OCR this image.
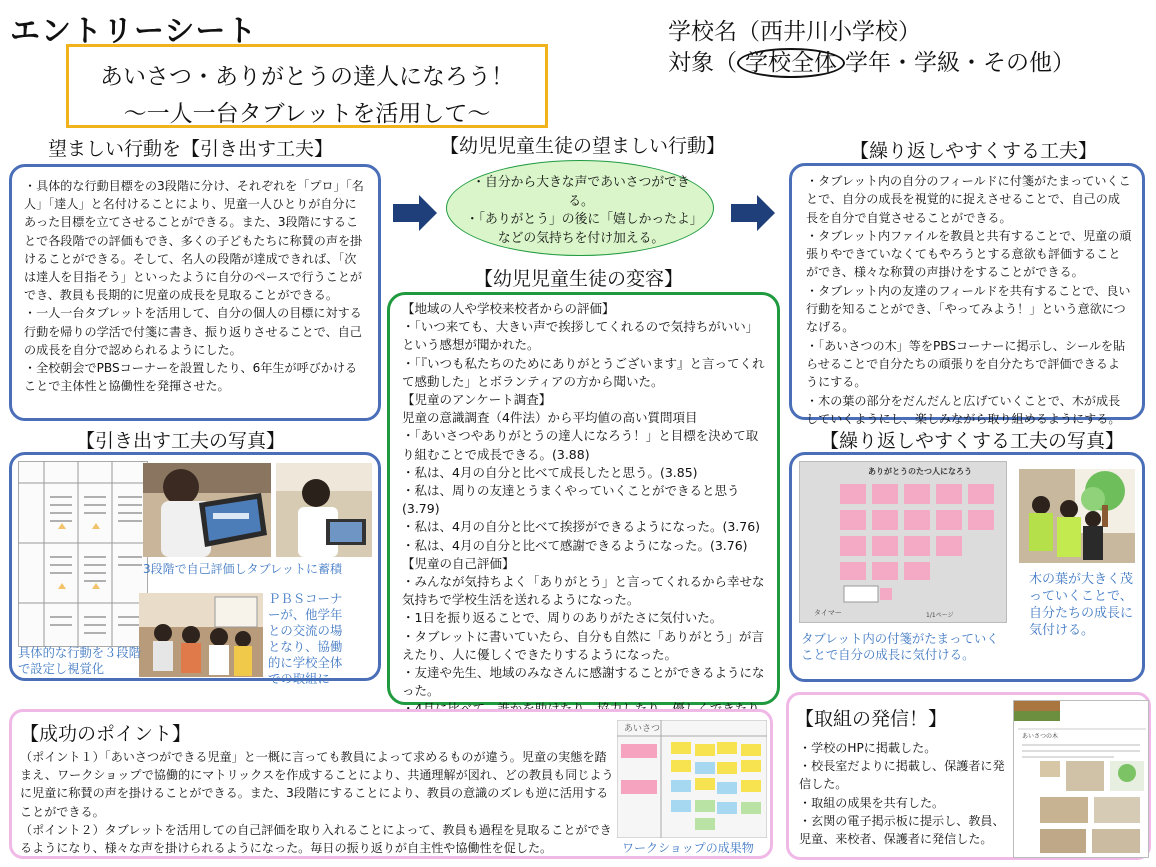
エントリーシート
あいさつ・ありがとうの達人になろう！
～一人一台タブレットを活用して～
学校名（西井川小学校）
対象（ 学校全体 学年・学級・その他）
望ましい行動を【引き出す工夫】
・具体的な行動目標をの3段階に分け、それぞれを「プロ」「名人」「達人」と名付けることにより、児童一人ひとりが自分にあった目標を立てさせることができる。また、3段階にすることで各段階での評価もでき、多くの子どもたちに称賛の声を掛けることができる。そして、名人の段階が達成できれば、「次は達人を目指そう」といったように自分のペースで行うことができ、教員も長期的に児童の成長を見取ることができる。
・一人一台タブレットを活用して、自分の個人の目標に対する行動を帰りの学活で付箋に書き、振り返りさせることで、自己の成長を自分で認められるようにした。
・全校朝会でPBSコーナーを設置したり、6年生が呼びかけることで主体性と協働性を発揮させた。
【引き出す工夫の写真】
3段階で自己評価しタブレットに蓄積
ＰＢＳコーナーが、他学年との交流の場となり、協働的に学校全体での取組に
具体的な行動を３段階で設定し視覚化
【幼児児童生徒の望ましい行動】
・自分から大きな声であいさつができる。
・「ありがとう」の後に「嬉しかったよ」などの気持ちを付け加える。
【幼児児童生徒の変容】
【地域の人や学校来校者からの評価】
・「いつ来ても、大きい声で挨拶してくれるので気持ちがいい」という感想が聞かれた。
・「『いつも私たちのためにありがとうございます』と言ってくれて感動した」とボランティアの方から聞いた。
【児童のアンケート調査】
児童の意識調査（4件法）から平均値の高い質問項目
・「あいさつやありがとうの達人になろう！」と目標を決めて取り組むことで成長できる。(3.88)
・私は、4月の自分と比べて成長したと思う。(3.85)
・私は、周りの友達とうまくやっていくことができると思う(3.79)
・私は、4月の自分と比べて挨拶ができるようになった。(3.76)
・私は、4月の自分と比べて感謝できるようになった。(3.76)
【児童の自己評価】
・みんなが気持ちよく「ありがとう」と言ってくれるから幸せな気持ちで学校生活を送れるようになった。
・1日を振り返ることで、周りのありがたさに気付いた。
・タブレットに書いていたら、自分も自然に「ありがとう」が言えたり、人に優しくできたりするようになった。
・友達や先生、地域のみなさんに感謝することができるようになった。

【繰り返しやすくする工夫】
・タブレット内の自分のフィールドに付箋がたまっていくことで、自分の成長を視覚的に捉えさせることで、自己の成長を自分で自覚させることができる。
・タブレット内ファイルを教員と共有することで、児童の頑張りやできていなくてもやろうとする意欲も評価することができ、様々な称賛の声掛けをすることができる。
・タブレット内の友達のフィールドを共有することで、良い行動を知ることができ、「やってみよう！」という意欲につなげる。
・「あいさつの木」等をPBSコーナーに掲示し、シールを貼らせることで自分たちの頑張りを自分たちで評価できるようにする。
・木の葉の部分をだんだんと広げていくことで、木が成長していくようにし、楽しみながら取り組めるようにする。
【繰り返しやすくする工夫の写真】
ありがとうのたつ人になろう
タイマー	1/1ページ
タブレット内の付箋がたまっていくことで自分の成長に気付ける。
木の葉が大きく茂っていくことで、自分たちの成長に気付ける。
【成功のポイント】
（ポイント１）「あいさつができる児童」と一概に言っても教員によって求めるものが違う。児童の実態を踏まえ、ワークショップで協働的にマトリックスを作成することにより、共通理解が図れ、どの教員も同じように児童に称賛の声を掛けることができる。また、3段階にすることにより、教員の意識のズレも逆に活用することができる。
（ポイント２）タブレットを活用しての自己評価を取り入れることによって、教員も過程を見取ることができるようになり、様々な声を掛けられるようになった。毎日の振り返りが自主性や協働性を促した。
あいさつ
ワークショップの成果物
【取組の発信！】
・学校のHPに掲載した。
・校長室だよりに掲載し、保護者に発信した。
・取組の成果を共有した。
・玄関の電子掲示板に提示し、教員、児童、来校者、保護者に発信した。
あいさつの木
